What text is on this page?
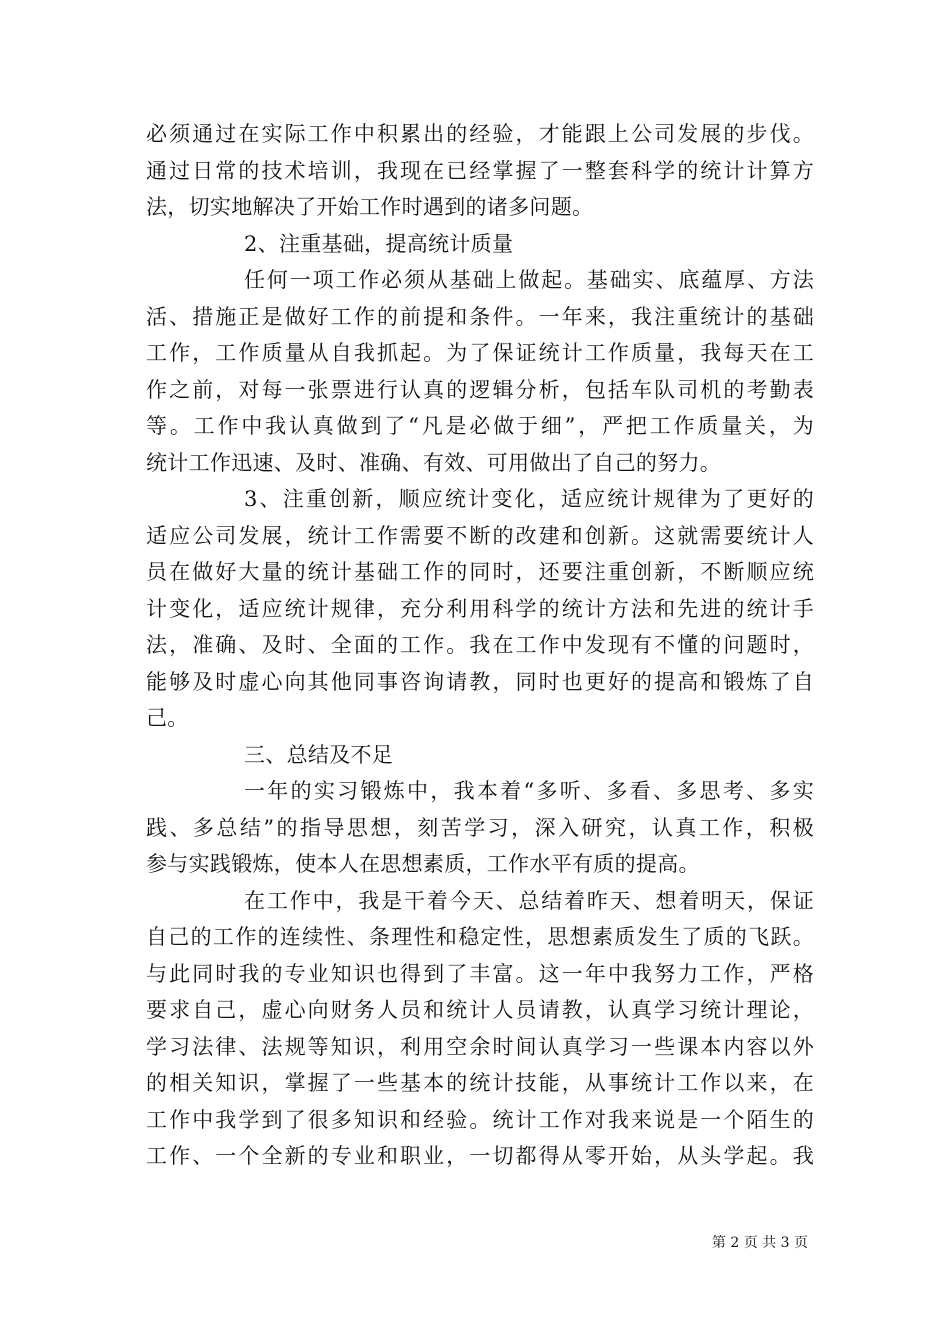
必须通过在实际工作中积累出的经验，才能跟上公司发展的步伐。
通过日常的技术培训，我现在已经掌握了一整套科学的统计计算方
法，切实地解决了开始工作时遇到的诸多问题。
2、注重基础，提高统计质量
任何一项工作必须从基础上做起。基础实、底蕴厚、方法
活、措施正是做好工作的前提和条件。一年来，我注重统计的基础
工作，工作质量从自我抓起。为了保证统计工作质量，我每天在工
作之前，对每一张票进行认真的逻辑分析，包括车队司机的考勤表
等。工作中我认真做到了“凡是必做于细”，严把工作质量关，为
统计工作迅速、及时、准确、有效、可用做出了自己的努力。
3、注重创新，顺应统计变化，适应统计规律为了更好的
适应公司发展，统计工作需要不断的改建和创新。这就需要统计人
员在做好大量的统计基础工作的同时，还要注重创新，不断顺应统
计变化，适应统计规律，充分利用科学的统计方法和先进的统计手
法，准确、及时、全面的工作。我在工作中发现有不懂的问题时，
能够及时虚心向其他同事咨询请教，同时也更好的提高和锻炼了自
己。
三、总结及不足
一年的实习锻炼中，我本着“多听、多看、多思考、多实
践、多总结”的指导思想，刻苦学习，深入研究，认真工作，积极
参与实践锻炼，使本人在思想素质，工作水平有质的提高。
在工作中，我是干着今天、总结着昨天、想着明天，保证
自己的工作的连续性、条理性和稳定性，思想素质发生了质的飞跃。
与此同时我的专业知识也得到了丰富。这一年中我努力工作，严格
要求自己，虚心向财务人员和统计人员请教，认真学习统计理论，
学习法律、法规等知识，利用空余时间认真学习一些课本内容以外
的相关知识，掌握了一些基本的统计技能，从事统计工作以来，在
工作中我学到了很多知识和经验。统计工作对我来说是一个陌生的
工作、一个全新的专业和职业，一切都得从零开始，从头学起。我
第 2 页 共 3 页
